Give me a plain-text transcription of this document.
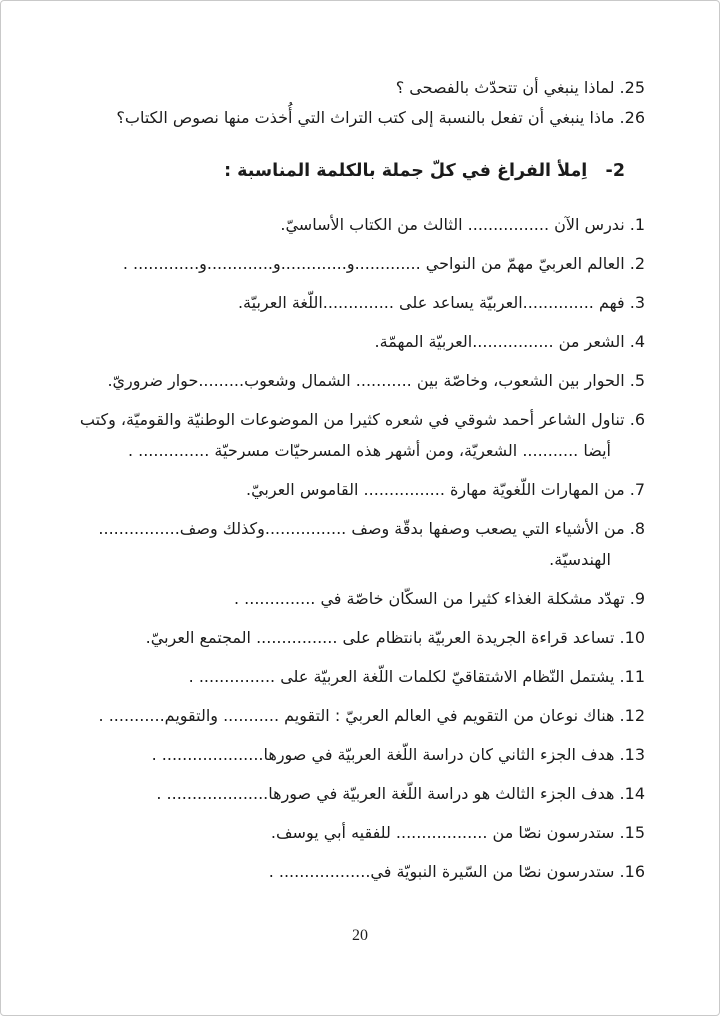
25. لماذا ينبغي أن تتحدّث بالفصحى ؟
26. ماذا ينبغي أن تفعل بالنسبة إلى كتب التراث التي أُخذت منها نصوص الكتاب؟
2-   اِملأ الفراغ في كلّ جملة بالكلمة المناسبة :
1. ندرس الآن ................ الثالث من الكتاب الأساسيّ.
2. العالم العربيّ مهمّ من النواحي .............و.............و.............و............. .
3. فهم ..............العربيّة يساعد على ..............اللّغة العربيّة.
4. الشعر من ................العربيّة المهمّة.
5. الحوار بين الشعوب، وخاصّة بين ........... الشمال وشعوب.........حوار ضروريّ.
6. تناول الشاعر أحمد شوقي في شعره كثيرا من الموضوعات الوطنيّة والقوميّة، وكتب أيضا ........... الشعريّة، ومن أشهر هذه المسرحيّات مسرحيّة .............. .
7. من المهارات اللّغويّة مهارة ................ القاموس العربيّ.
8. من الأشياء التي يصعب وصفها بدقّة وصف ................وكذلك وصف................ الهندسيّة.
9. تهدّد مشكلة الغذاء كثيرا من السكّان خاصّة في .............. .
10. تساعد قراءة الجريدة العربيّة بانتظام على ................ المجتمع العربيّ.
11. يشتمل النّظام الاشتقاقيّ لكلمات اللّغة العربيّة على ............... .
12. هناك نوعان من التقويم في العالم العربيّ : التقويم ........... والتقويم........... .
13. هدف الجزء الثاني كان دراسة اللّغة العربيّة في صورها.................... .
14. هدف الجزء الثالث هو دراسة اللّغة العربيّة في صورها.................... .
15. ستدرسون نصّا من .................. للفقيه أبي يوسف.
16. ستدرسون نصّا من السّيرة النبويّة في.................. .
20
